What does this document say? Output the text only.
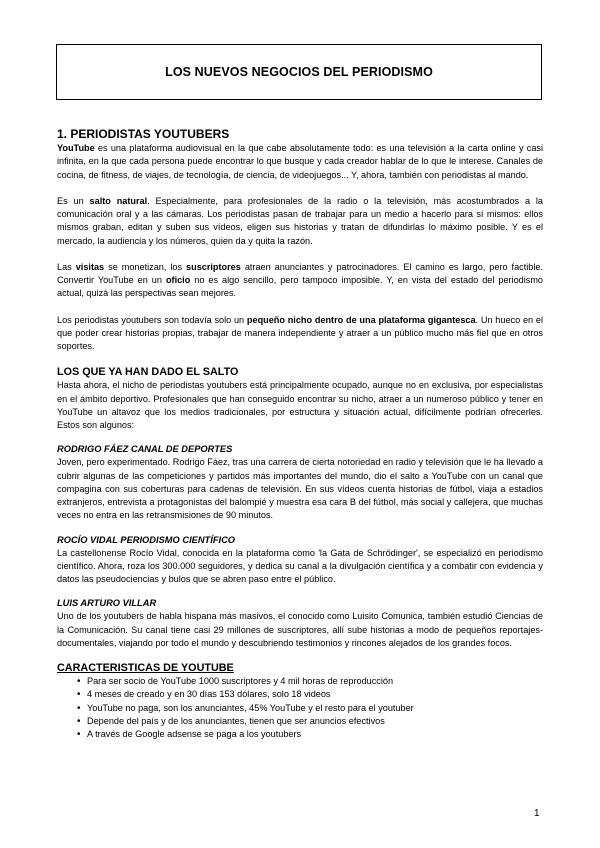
LOS NUEVOS NEGOCIOS DEL PERIODISMO
1. PERIODISTAS YOUTUBERS

YouTube es una plataforma audiovisual en la que cabe absolutamente todo: es una televisión a la carta online y casi infinita, en la que cada persona puede encontrar lo que busque y cada creador hablar de lo que le interese. Canales de cocina, de fitness, de viajes, de tecnología, de ciencia, de videojuegos... Y, ahora, también con periodistas al mando.

Es un salto natural. Especialmente, para profesionales de la radio o la televisión, más acostumbrados a la comunicación oral y a las cámaras. Los periodistas pasan de trabajar para un medio a hacerlo para sí mismos: ellos mismos graban, editan y suben sus vídeos, eligen sus historias y tratan de difundirlas lo máximo posible. Y es el mercado, la audiencia y los números, quien da y quita la razón.

Las visitas se monetizan, los suscriptores atraen anunciantes y patrocinadores. El camino es largo, pero factible. Convertir YouTube en un oficio no es algo sencillo, pero tampoco imposible. Y, en vista del estado del periodismo actual, quizá las perspectivas sean mejores.

Los periodistas youtubers son todavía solo un pequeño nicho dentro de una plataforma gigantesca. Un hueco en el que poder crear historias propias, trabajar de manera independiente y atraer a un público mucho más fiel que en otros soportes.

LOS QUE YA HAN DADO EL SALTO

Hasta ahora, el nicho de periodistas youtubers está principalmente ocupado, aunque no en exclusiva, por especialistas en el ámbito deportivo. Profesionales que han conseguido encontrar su nicho, atraer a un numeroso público y tener en YouTube un altavoz que los medios tradicionales, por estructura y situación actual, difícilmente podrían ofrecerles. Estos son algunos:

RODRIGO FÁEZ CANAL DE DEPORTES

Joven, pero experimentado. Rodrigo Fáez, tras una carrera de cierta notoriedad en radio y televisión que le ha llevado a cubrir algunas de las competiciones y partidos más importantes del mundo, dio el salto a YouTube con un canal que compagina con sus coberturas para cadenas de televisión. En sus vídeos cuenta historias de fútbol, viaja a estadios extranjeros, entrevista a protagonistas del balompié y muestra esa cara B del fútbol, más social y callejera, que muchas veces no entra en las retransmisiones de 90 minutos.

ROCÍO VIDAL PERIODISMO CIENTÍFICO

La castellonense Rocío Vidal, conocida en la plataforma como 'la Gata de Schrödinger', se especializó en periodismo científico. Ahora, roza los 300.000 seguidores, y dedica su canal a la divulgación científica y a combatir con evidencia y datos las pseudociencias y bulos que se abren paso entre el público.

LUIS ARTURO VILLAR

Uno de los youtubers de habla hispana más masivos, el conocido como Luisito Comunica, también estudió Ciencias de la Comunicación. Su canal tiene casi 29 millones de suscriptores, allí sube historias a modo de pequeños reportajes-documentales, viajando por todo el mundo y descubriendo testimonios y rincones alejados de los grandes focos.

CARACTERISTICAS DE YOUTUBE
• Para ser socio de YouTube 1000 suscriptores y 4 mil horas de reproducción
• 4 meses de creado y en 30 días 153 dólares, solo 18 videos
• YouTube no paga, son los anunciantes, 45% YouTube y el resto para el youtuber
• Depende del país y de los anunciantes, tienen que ser anuncios efectivos
• A través de Google adsense se paga a los youtubers
1
